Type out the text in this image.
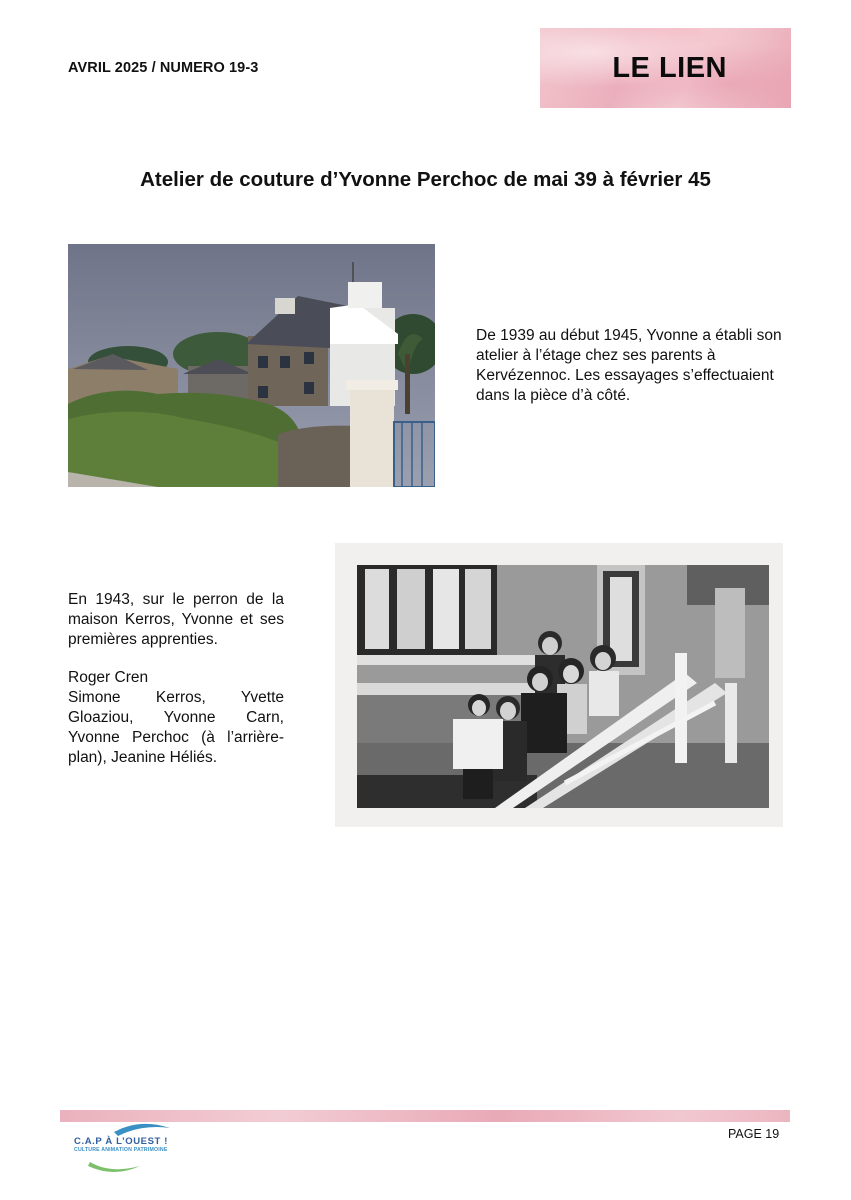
AVRIL 2025 / NUMERO 19-3	LE LIEN
Atelier de couture d’Yvonne Perchoc de mai 39 à février 45

De 1939 au début 1945, Yvonne a établi son atelier à l’étage chez ses parents à Kervézennoc. Les essayages s’effectuaient dans la pièce d’à côté.

En 1943, sur le perron de la maison Kerros, Yvonne et ses premières apprenties.

Roger Cren

Simone Kerros, Yvette Gloaziou, Yvonne Carn, Yvonne Perchoc (à l’arrière-plan), Jeanine Héliés.

C.A.P À L’OUEST !
CULTURE ANIMATION PATRIMOINE
PAGE 19
